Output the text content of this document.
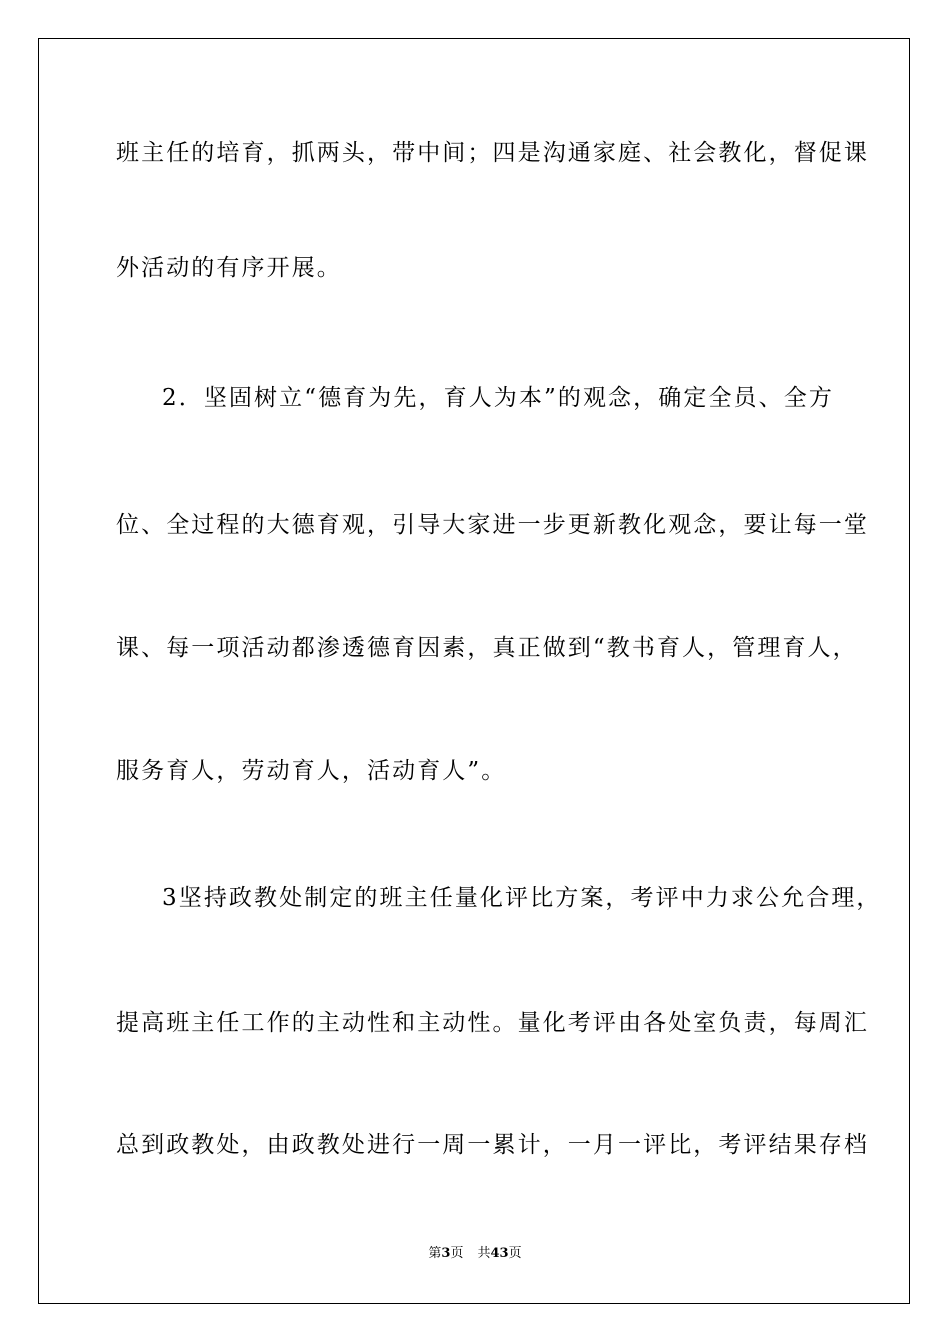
班主任的培育，抓两头，带中间；四是沟通家庭、社会教化，督促课
外活动的有序开展。
2．坚固树立“德育为先，育人为本”的观念，确定全员、全方
位、全过程的大德育观，引导大家进一步更新教化观念，要让每一堂
课、每一项活动都渗透德育因素，真正做到“教书育人，管理育人，
服务育人，劳动育人，活动育人”。
3坚持政教处制定的班主任量化评比方案，考评中力求公允合理，
提高班主任工作的主动性和主动性。量化考评由各处室负责，每周汇
总到政教处，由政教处进行一周一累计，一月一评比，考评结果存档
第3页 共43页
